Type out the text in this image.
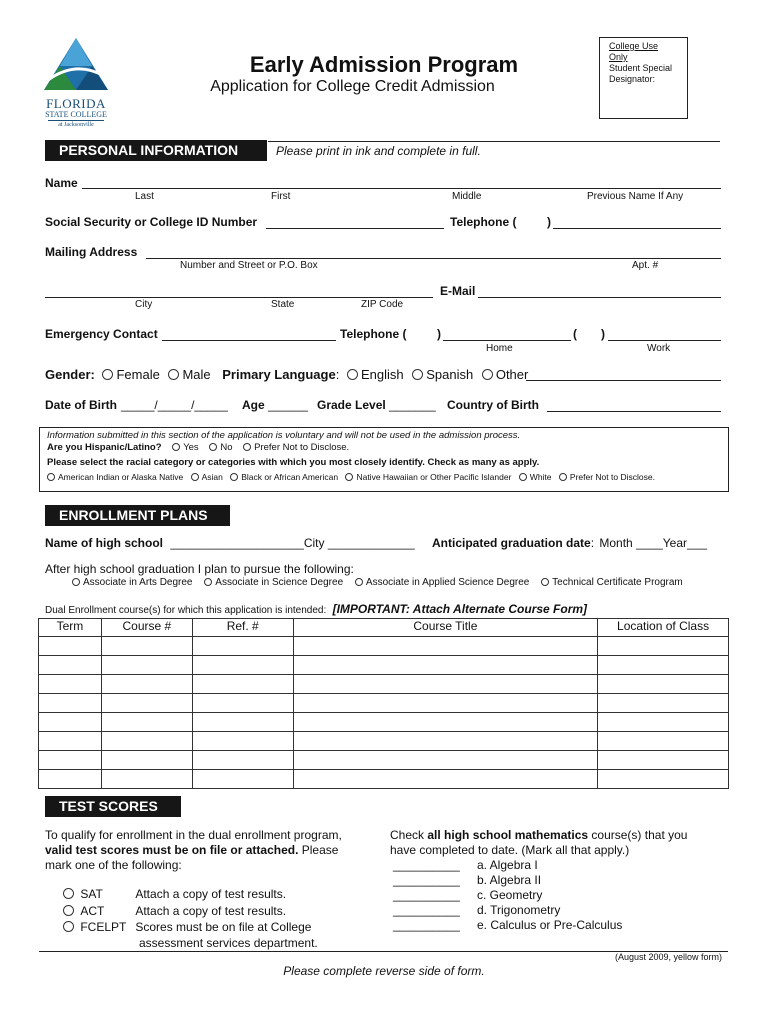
FLORIDA
STATE COLLEGE
at Jacksonville
Early Admission Program
Application for College Credit Admission
College Use Only
Student Special
Designator:
PERSONAL INFORMATION	Please print in ink and complete in full.
Name
Last	First	Middle	Previous Name If Any
Social Security or College ID Number	Telephone (	)
Mailing Address
Number and Street or P.O. Box	Apt. #
E-Mail
City	State	ZIP Code
Emergency Contact	Telephone (	)	( )
Home	Work
Gender: Female Male Primary Language: English Spanish Other
Date of Birth _____/_____/_____ Age ______ Grade Level _______ Country of Birth
Information submitted in this section of the application is voluntary and will not be used in the admission process.
Are you Hispanic/Latino? Yes No Prefer Not to Disclose.
Please select the racial category or categories with which you most closely identify. Check as many as apply.
American Indian or Alaska Native Asian Black or African American Native Hawaiian or Other Pacific Islander White Prefer Not to Disclose.
ENROLLMENT PLANS
Name of high school ____________________City _____________ Anticipated graduation date: Month ____Year___
After high school graduation I plan to pursue the following:
Associate in Arts Degree Associate in Science Degree Associate in Applied Science Degree Technical Certificate Program
Dual Enrollment course(s) for which this application is intended: [IMPORTANT: Attach Alternate Course Form]
Term	Course #	Ref. #	Course Title	Location of Class

TEST SCORES
To qualify for enrollment in the dual enrollment program,
valid test scores must be on file or attached. Please
mark one of the following:
SAT	Attach a copy of test results.
ACT	Attach a copy of test results.
FCELPT Scores must be on file at College
assessment services department.
Check all high school mathematics course(s) that you
have completed to date. (Mark all that apply.)
__________ a. Algebra I
__________ b. Algebra II
__________ c. Geometry
__________ d. Trigonometry
__________ e. Calculus or Pre-Calculus
(August 2009, yellow form)
Please complete reverse side of form.
